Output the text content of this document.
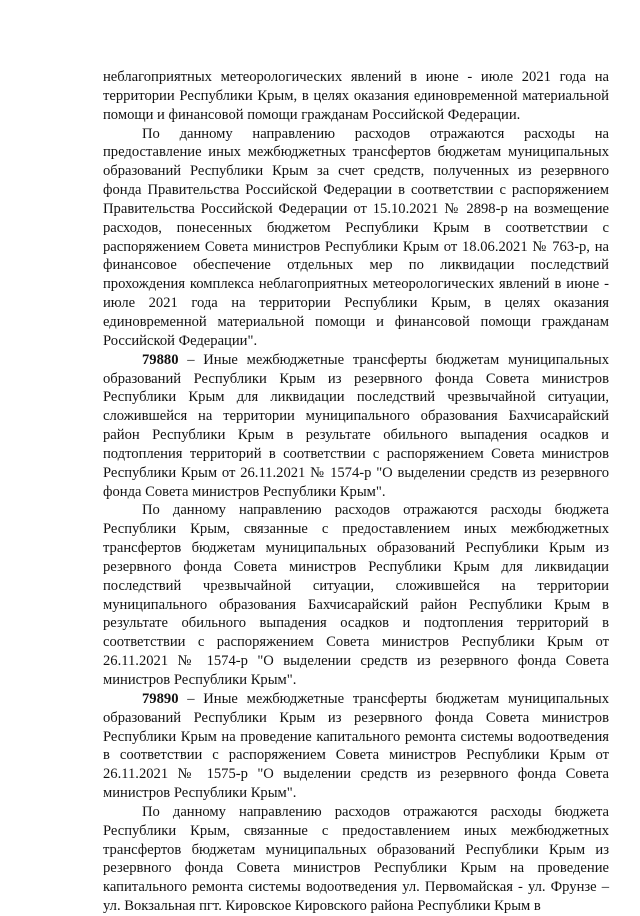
неблагоприятных метеорологических явлений в июне - июле 2021 года на территории Республики Крым, в целях оказания единовременной материальной помощи и финансовой помощи гражданам Российской Федерации.

По данному направлению расходов отражаются расходы на предоставление иных межбюджетных трансфертов бюджетам муниципальных образований Республики Крым за счет средств, полученных из резервного фонда Правительства Российской Федерации в соответствии с распоряжением Правительства Российской Федерации от 15.10.2021 № 2898-р на возмещение расходов, понесенных бюджетом Республики Крым в соответствии с распоряжением Совета министров Республики Крым от 18.06.2021 № 763-р, на финансовое обеспечение отдельных мер по ликвидации последствий прохождения комплекса неблагоприятных метеорологических явлений в июне - июле 2021 года на территории Республики Крым, в целях оказания единовременной материальной помощи и финансовой помощи гражданам Российской Федерации".

79880 – Иные межбюджетные трансферты бюджетам муниципальных образований Республики Крым из резервного фонда Совета министров Республики Крым для ликвидации последствий чрезвычайной ситуации, сложившейся на территории муниципального образования Бахчисарайский район Республики Крым в результате обильного выпадения осадков и подтопления территорий в соответствии с распоряжением Совета министров Республики Крым от 26.11.2021 № 1574-р "О выделении средств из резервного фонда Совета министров Республики Крым".

По данному направлению расходов отражаются расходы бюджета Республики Крым, связанные с предоставлением иных межбюджетных трансфертов бюджетам муниципальных образований Республики Крым из резервного фонда Совета министров Республики Крым для ликвидации последствий чрезвычайной ситуации, сложившейся на территории муниципального образования Бахчисарайский район Республики Крым в результате обильного выпадения осадков и подтопления территорий в соответствии с распоряжением Совета министров Республики Крым от 26.11.2021 № 1574-р "О выделении средств из резервного фонда Совета министров Республики Крым".

79890 – Иные межбюджетные трансферты бюджетам муниципальных образований Республики Крым из резервного фонда Совета министров Республики Крым на проведение капитального ремонта системы водоотведения в соответствии с распоряжением Совета министров Республики Крым от 26.11.2021 № 1575-р "О выделении средств из резервного фонда Совета министров Республики Крым".

По данному направлению расходов отражаются расходы бюджета Республики Крым, связанные с предоставлением иных межбюджетных трансфертов бюджетам муниципальных образований Республики Крым из резервного фонда Совета министров Республики Крым на проведение капитального ремонта системы водоотведения ул. Первомайская - ул. Фрунзе – ул. Вокзальная пгт. Кировское Кировского района Республики Крым в
